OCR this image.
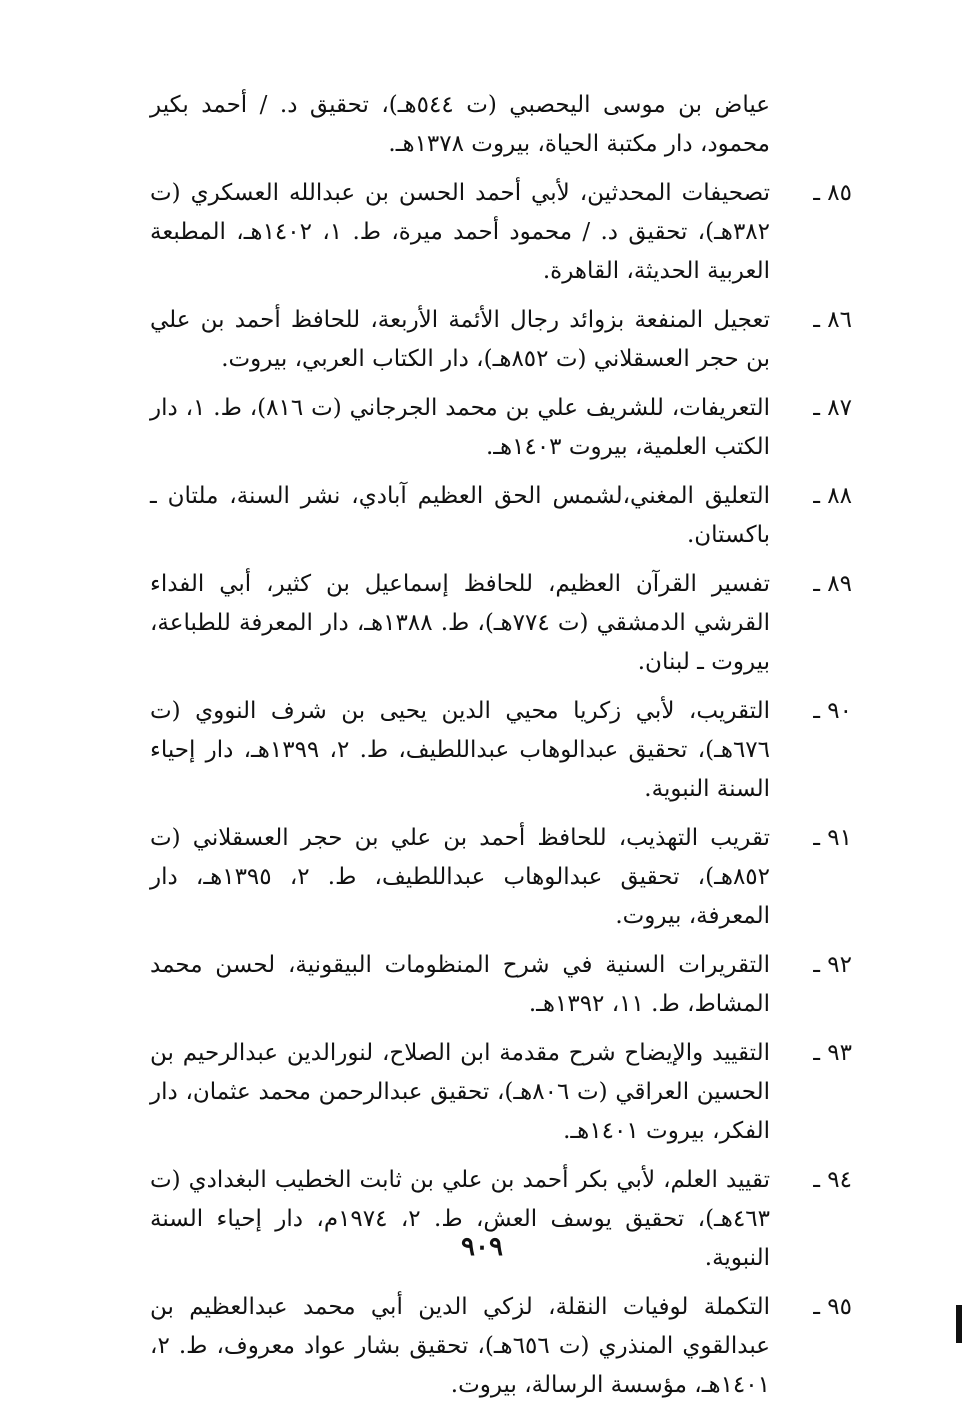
عياض بن موسى اليحصبي (ت ٥٤٤هـ)، تحقيق د. / أحمد بكير محمود، دار مكتبة الحياة، بيروت ١٣٧٨هـ.
٨٥ ـ
تصحيفات المحدثين، لأبي أحمد الحسن بن عبدالله العسكري (ت ٣٨٢هـ)، تحقيق د. / محمود أحمد ميرة، ط. ١، ١٤٠٢هـ، المطبعة العربية الحديثة، القاهرة.
٨٦ ـ
تعجيل المنفعة بزوائد رجال الأئمة الأربعة، للحافظ أحمد بن علي بن حجر العسقلاني (ت ٨٥٢هـ)، دار الكتاب العربي، بيروت.
٨٧ ـ
التعريفات، للشريف علي بن محمد الجرجاني (ت ٨١٦)، ط. ١، دار الكتب العلمية، بيروت ١٤٠٣هـ.
٨٨ ـ
التعليق المغني،لشمس الحق العظيم آبادي، نشر السنة، ملتان ـ باكستان.
٨٩ ـ
تفسير القرآن العظيم، للحافظ إسماعيل بن كثير، أبي الفداء القرشي الدمشقي (ت ٧٧٤هـ)، ط. ١٣٨٨هـ، دار المعرفة للطباعة، بيروت ـ لبنان.
٩٠ ـ
التقريب، لأبي زكريا محيي الدين يحيى بن شرف النووي (ت ٦٧٦هـ)، تحقيق عبدالوهاب عبداللطيف، ط. ٢، ١٣٩٩هـ، دار إحياء السنة النبوية.
٩١ ـ
تقريب التهذيب، للحافظ أحمد بن علي بن حجر العسقلاني (ت ٨٥٢هـ)، تحقيق عبدالوهاب عبداللطيف، ط. ٢، ١٣٩٥هـ، دار المعرفة، بيروت.
٩٢ ـ
التقريرات السنية في شرح المنظومات البيقونية، لحسن محمد المشاط، ط. ١١، ١٣٩٢هـ.
٩٣ ـ
التقييد والإيضاح شرح مقدمة ابن الصلاح، لنورالدين عبدالرحيم بن الحسين العراقي (ت ٨٠٦هـ)، تحقيق عبدالرحمن محمد عثمان، دار الفكر، بيروت ١٤٠١هـ.
٩٤ ـ
تقييد العلم، لأبي بكر أحمد بن علي بن ثابت الخطيب البغدادي (ت ٤٦٣هـ)، تحقيق يوسف العش، ط. ٢، ١٩٧٤م، دار إحياء السنة النبوية.
٩٥ ـ
التكملة لوفيات النقلة، لزكي الدين أبي محمد عبدالعظيم بن عبدالقوي المنذري (ت ٦٥٦هـ)، تحقيق بشار عواد معروف، ط. ٢، ١٤٠١هـ، مؤسسة الرسالة، بيروت.
٩٠٩
